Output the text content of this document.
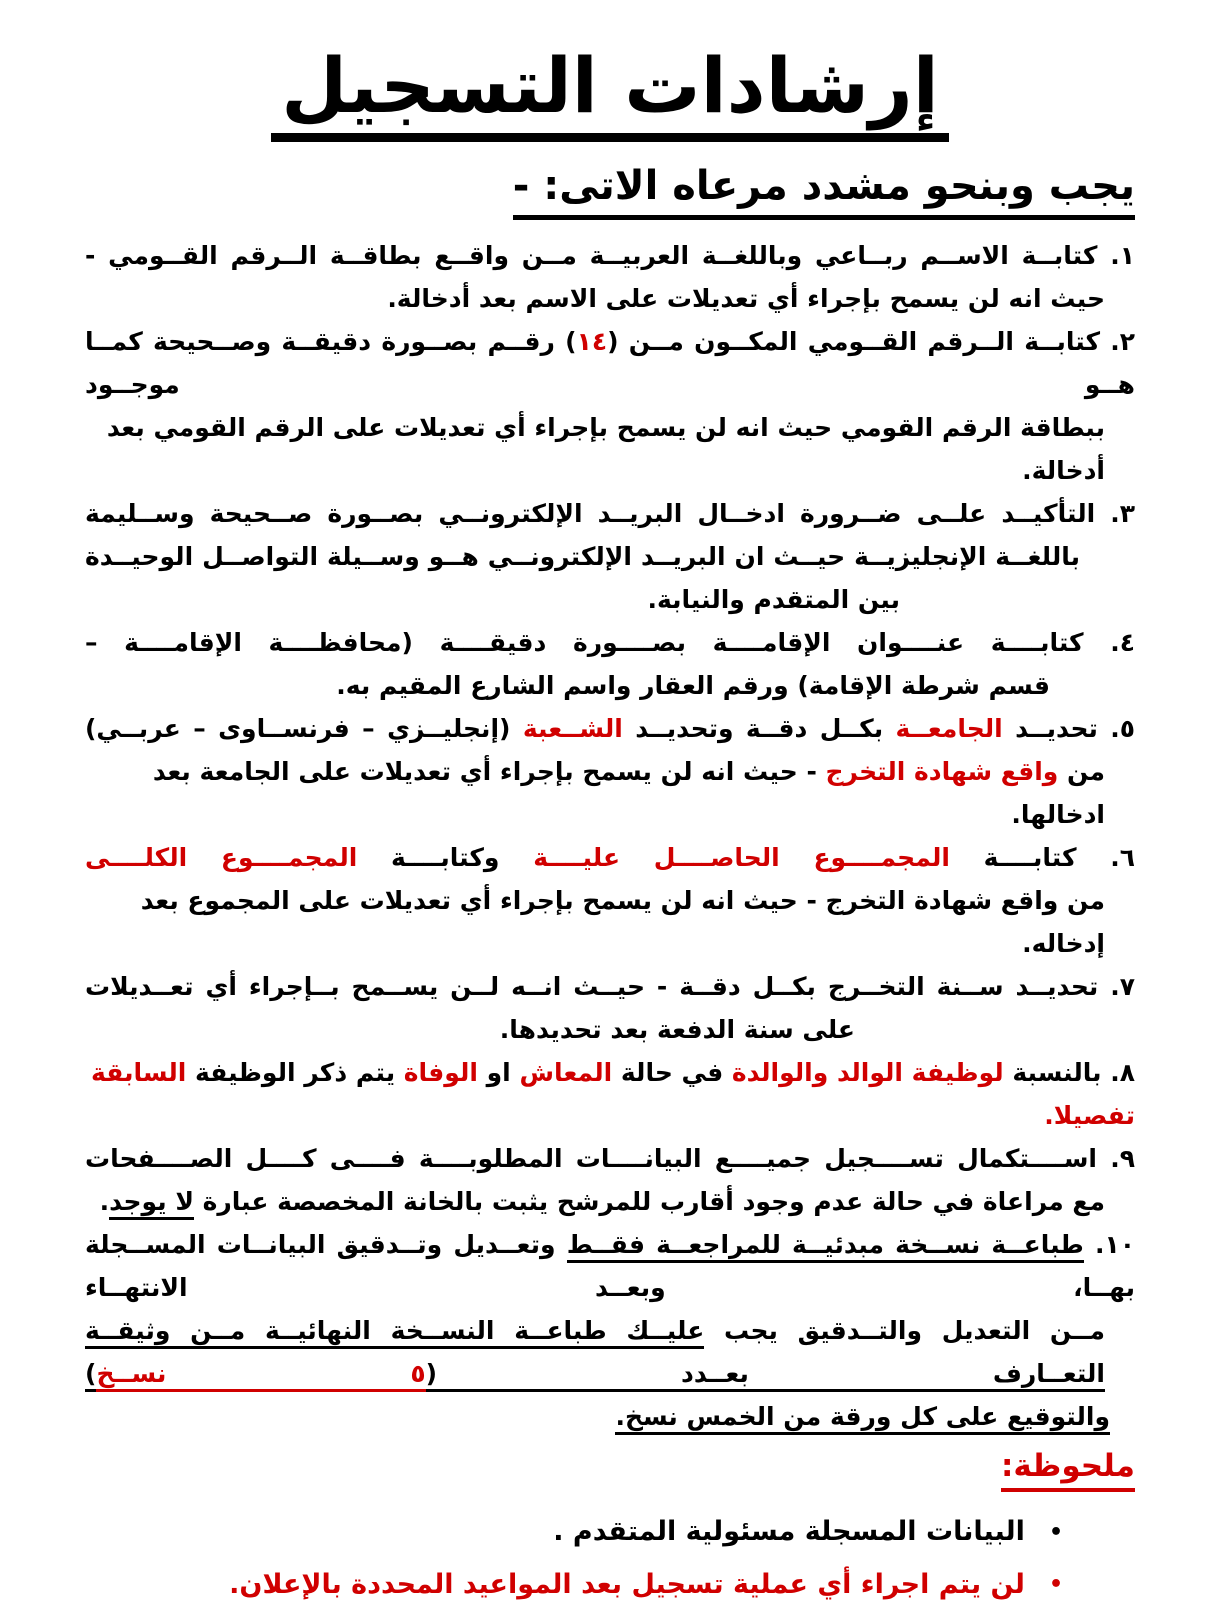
إرشادات التسجيل
يجب وبنحو مشدد مرعاه الاتى: -
١. كتابــة الاســم ربــاعي وباللغــة العربيــة مــن واقــع بطاقــة الــرقم القــومي -
حيث انه لن يسمح بإجراء أي تعديلات على الاسم بعد أدخالة.
٢. كتابــة الــرقم القــومي المكــون مــن (١٤) رقــم بصــورة دقيقــة وصــحيحة كمــا هــو موجــود
ببطاقة الرقم القومي حيث انه لن يسمح بإجراء أي تعديلات على الرقم القومي بعد أدخالة.
٣. التأكيــد علــى ضــرورة ادخــال البريــد الإلكترونــي بصــورة صــحيحة وســليمة
باللغــة الإنجليزيــة حيــث ان البريــد الإلكترونــي هــو وســيلة التواصــل الوحيــدة
بين المتقدم والنيابة.
٤. كتابــــة عنــــوان الإقامــــة بصــــورة دقيقــــة (محافظــــة الإقامــــة –
قسم شرطة الإقامة) ورقم العقار واسم الشارع المقيم به.
٥. تحديــد الجامعــة بكــل دقــة وتحديــد الشــعبة (إنجليــزي – فرنســاوى – عربــي)
من واقع شهادة التخرج - حيث انه لن يسمح بإجراء أي تعديلات على الجامعة بعد ادخالها.
٦. كتابــــة المجمــــوع الحاصــــل عليــــة وكتابــــة المجمــــوع الكلــــى
من واقع شهادة التخرج - حيث انه لن يسمح بإجراء أي تعديلات على المجموع بعد إدخاله.
٧. تحديــد ســنة التخــرج بكــل دقــة - حيــث انــه لــن يســمح بــإجراء أي تعــديلات
على سنة الدفعة بعد تحديدها.
٨. بالنسبة لوظيفة الوالد والوالدة في حالة المعاش او الوفاة يتم ذكر الوظيفة السابقة تفصيلا.
٩. اســــتكمال تســــجيل جميــــع البيانــــات المطلوبــــة فــــى كــــل الصــــفحات
مع مراعاة في حالة عدم وجود أقارب للمرشح يثبت بالخانة المخصصة عبارة لا يوجد.
١٠. طباعــة نســخة مبدئيــة للمراجعــة فقــط وتعــديل وتــدقيق البيانــات المســجلة بهــا، وبعــد الانتهــاء
مــن التعديل والتــدقيق يجب عليــك طباعــة النســخة النهائيــة مــن وثيقــة التعــارف بعــدد (٥ نســخ)
والتوقيع على كل ورقة من الخمس نسخ.
ملحوظة:
•البيانات المسجلة مسئولية المتقدم .
•لن يتم اجراء أي عملية تسجيل بعد المواعيد المحددة بالإعلان.
